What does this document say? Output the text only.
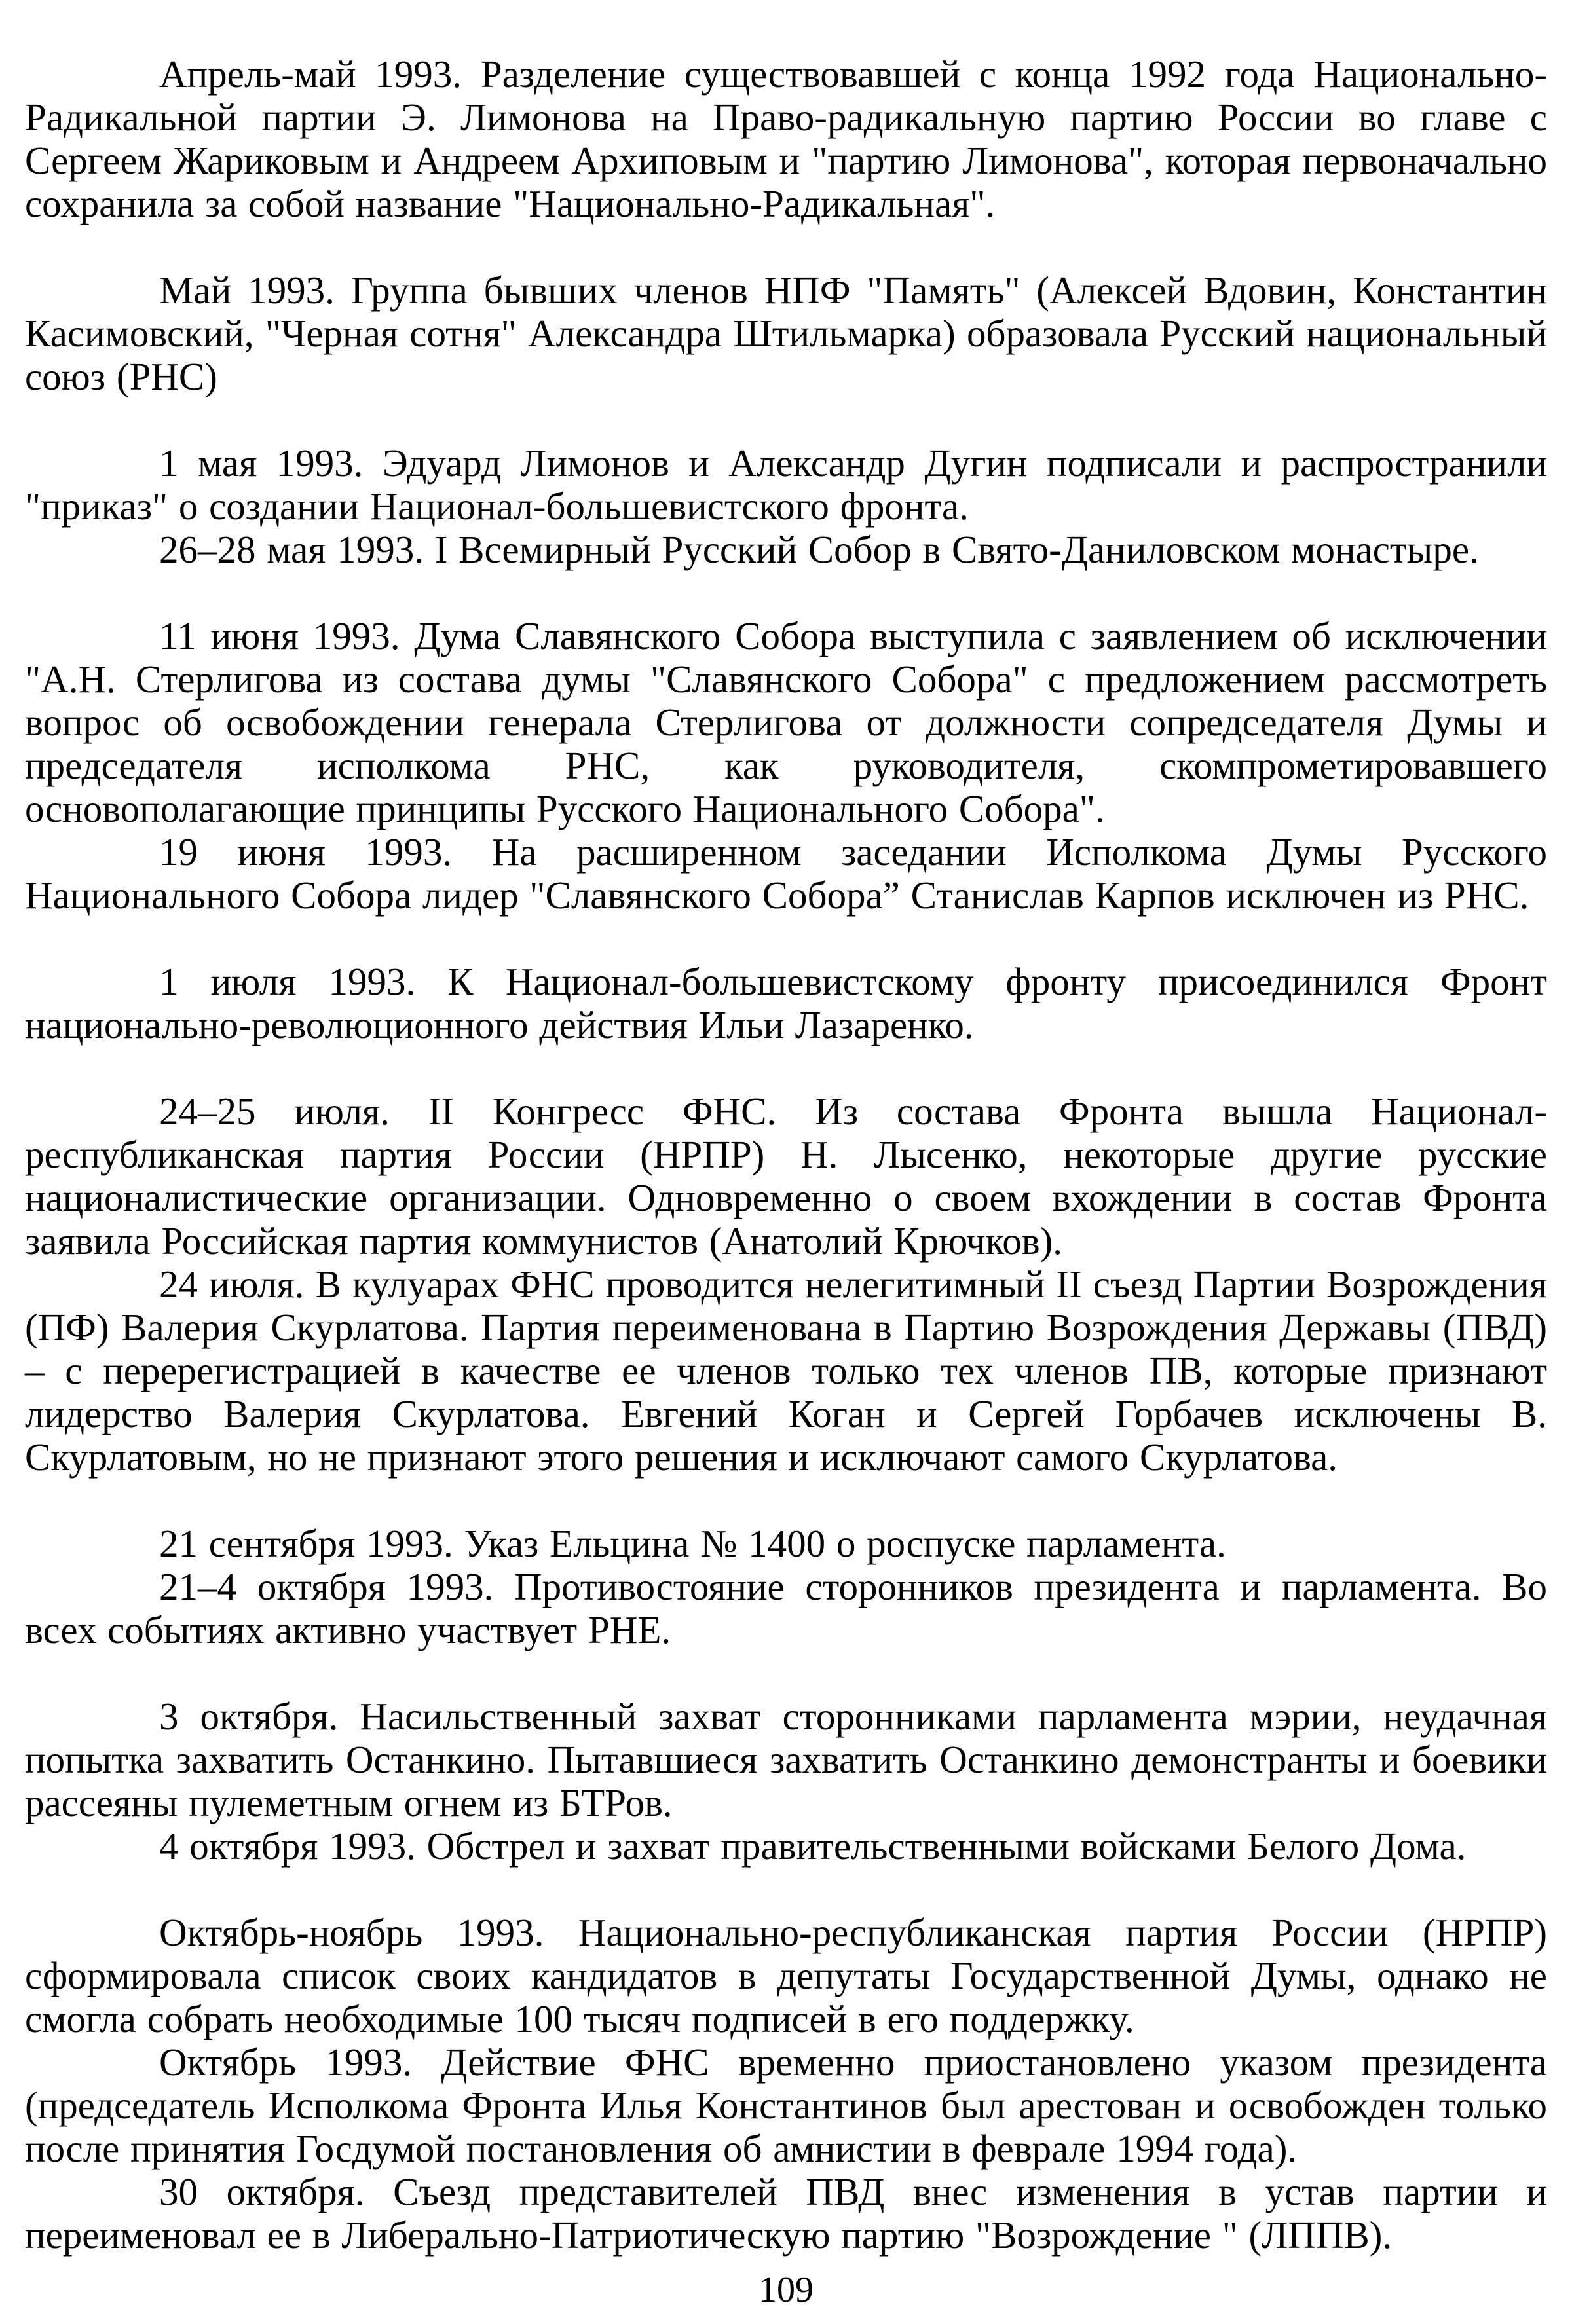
Апрель-май 1993. Разделение существовавшей с конца 1992 года Национально-Радикальной партии Э. Лимонова на Право-радикальную партию России во главе с Сергеем Жариковым и Андреем Архиповым и "партию Лимонова", которая первоначально сохранила за собой название "Национально-Радикальная".

Май 1993. Группа бывших членов НПФ "Память" (Алексей Вдовин, Константин Касимовский, "Черная сотня" Александра Штильмарка) образовала Русский национальный союз (РНС)

1 мая 1993. Эдуард Лимонов и Александр Дугин подписали и распространили "приказ" о создании Национал-большевистского фронта.

26–28 мая 1993. I Всемирный Русский Собор в Свято-Даниловском монастыре.

11 июня 1993. Дума Славянского Собора выступила с заявлением об исключении "А.Н. Стерлигова из состава думы "Славянского Собора" с предложением рассмотреть вопрос об освобождении генерала Стерлигова от должности сопредседателя Думы и председателя исполкома РНС, как руководителя, скомпрометировавшего основополагающие принципы Русского Национального Собора".

19 июня 1993. На расширенном заседании Исполкома Думы Русского Национального Собора лидер "Славянского Собора” Станислав Карпов исключен из РНС.

1 июля 1993. К Национал-большевистскому фронту присоединился Фронт национально-революционного действия Ильи Лазаренко.

24–25 июля. II Конгресс ФНС. Из состава Фронта вышла Национал-республиканская партия России (НРПР) Н. Лысенко, некоторые другие русские националистические организации. Одновременно о своем вхождении в состав Фронта заявила Российская партия коммунистов (Анатолий Крючков).

24 июля. В кулуарах ФНС проводится нелегитимный II съезд Партии Возрождения (ПФ) Валерия Скурлатова. Партия переименована в Партию Возрождения Державы (ПВД) – с перерегистрацией в качестве ее членов только тех членов ПВ, которые признают лидерство Валерия Скурлатова. Евгений Коган и Сергей Горбачев исключены В. Скурлатовым, но не признают этого решения и исключают самого Скурлатова.

21 сентября 1993. Указ Ельцина № 1400 о роспуске парламента.

21–4 октября 1993. Противостояние сторонников президента и парламента. Во всех событиях активно участвует РНЕ.

3 октября. Насильственный захват сторонниками парламента мэрии, неудачная попытка захватить Останкино. Пытавшиеся захватить Останкино демонстранты и боевики рассеяны пулеметным огнем из БТРов.

4 октября 1993. Обстрел и захват правительственными войсками Белого Дома.

Октябрь-ноябрь 1993. Национально-республиканская партия России (НРПР) сформировала список своих кандидатов в депутаты Государственной Думы, однако не смогла собрать необходимые 100 тысяч подписей в его поддержку.

Октябрь 1993. Действие ФНС временно приостановлено указом президента (председатель Исполкома Фронта Илья Константинов был арестован и освобожден только после принятия Госдумой постановления об амнистии в феврале 1994 года).

30 октября. Съезд представителей ПВД внес изменения в устав партии и переименовал ее в Либерально-Патриотическую партию "Возрождение " (ЛППВ).

109
